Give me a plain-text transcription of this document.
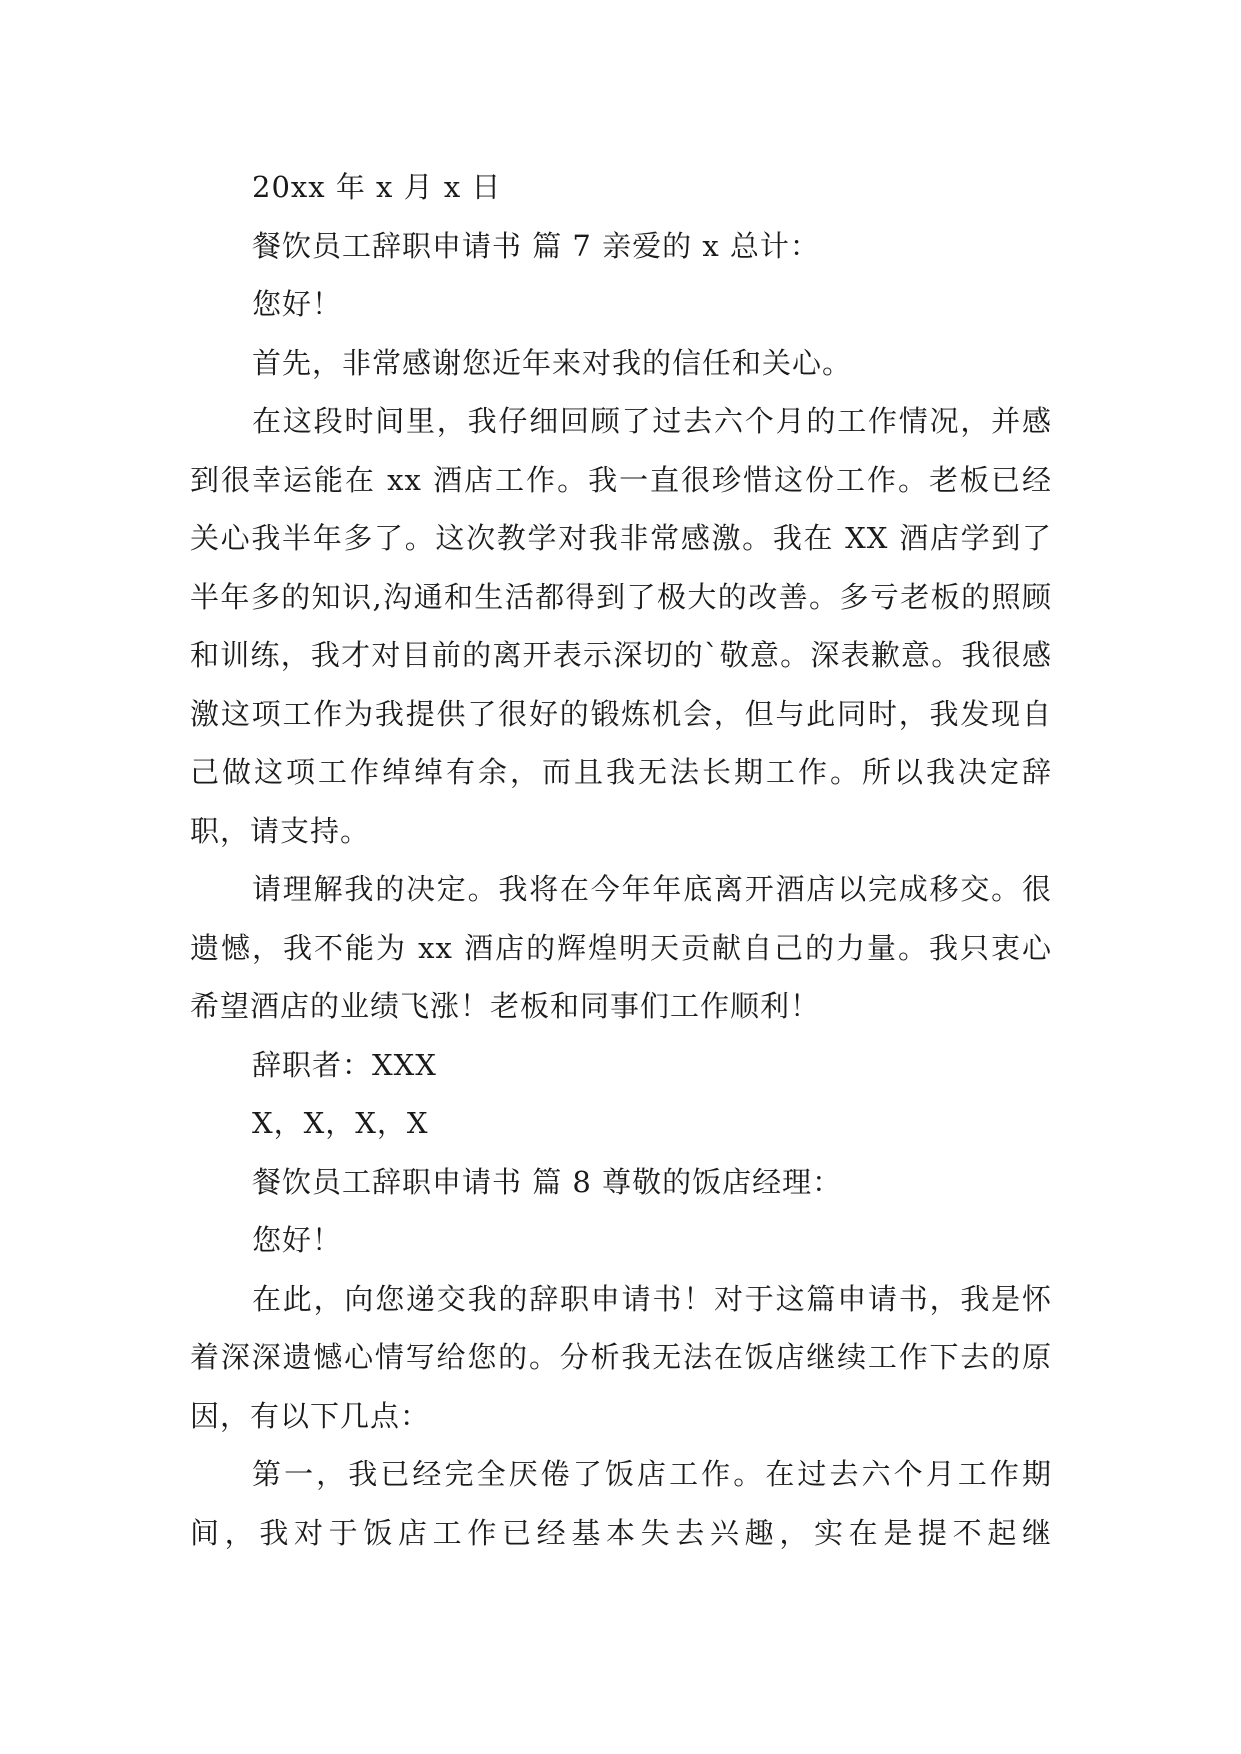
20xx 年 x 月 x 日

餐饮员工辞职申请书 篇 7 亲爱的 x 总计：

您好！

首先，非常感谢您近年来对我的信任和关心。

在这段时间里，我仔细回顾了过去六个月的工作情况，并感到很幸运能在 xx 酒店工作。我一直很珍惜这份工作。老板已经关心我半年多了。这次教学对我非常感激。我在 XX 酒店学到了半年多的知识,沟通和生活都得到了极大的改善。多亏老板的照顾和训练，我才对目前的离开表示深切的`敬意。深表歉意。我很感激这项工作为我提供了很好的锻炼机会，但与此同时，我发现自己做这项工作绰绰有余，而且我无法长期工作。所以我决定辞职，请支持。

请理解我的决定。我将在今年年底离开酒店以完成移交。很遗憾，我不能为 xx 酒店的辉煌明天贡献自己的力量。我只衷心希望酒店的业绩飞涨！老板和同事们工作顺利！

辞职者：XXX

X，X，X，X

餐饮员工辞职申请书 篇 8 尊敬的饭店经理：

您好！

在此，向您递交我的辞职申请书！对于这篇申请书，我是怀着深深遗憾心情写给您的。分析我无法在饭店继续工作下去的原因，有以下几点：

第一，我已经完全厌倦了饭店工作。在过去六个月工作期间，我对于饭店工作已经基本失去兴趣，实在是提不起继
